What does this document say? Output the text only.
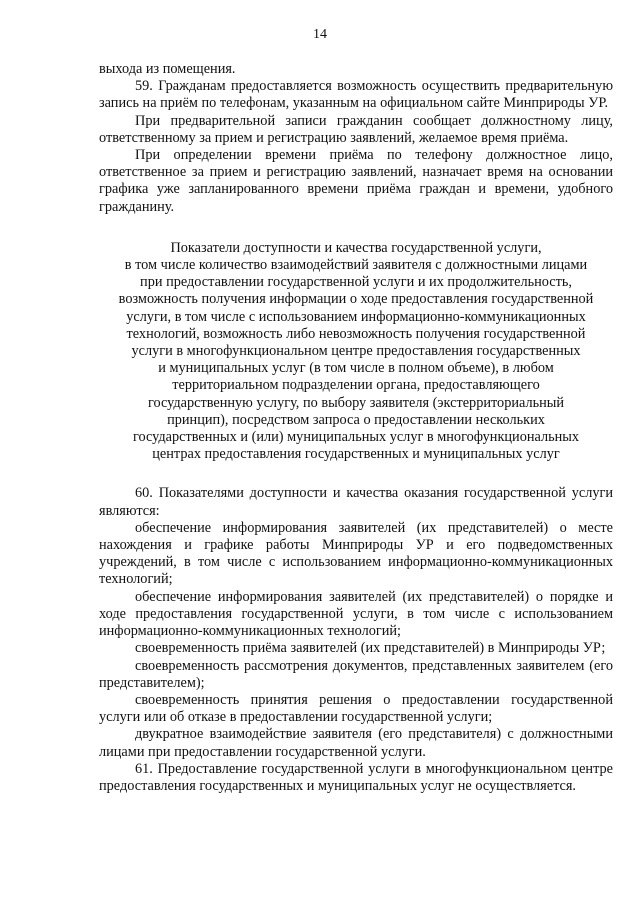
14

выхода из помещения.

59. Гражданам предоставляется возможность осуществить предварительную запись на приём по телефонам, указанным на официальном сайте Минприроды УР.

При предварительной записи гражданин сообщает должностному лицу, ответственному за прием и регистрацию заявлений, желаемое время приёма.

При определении времени приёма по телефону должностное лицо, ответственное за прием и регистрацию заявлений, назначает время на основании графика уже запланированного времени приёма граждан и времени, удобного гражданину.

Показатели доступности и качества государственной услуги,
в том числе количество взаимодействий заявителя с должностными лицами
при предоставлении государственной услуги и их продолжительность,
возможность получения информации о ходе предоставления государственной
услуги, в том числе с использованием информационно-коммуникационных
технологий, возможность либо невозможность получения государственной
услуги в многофункциональном центре предоставления государственных
и муниципальных услуг (в том числе в полном объеме), в любом
территориальном подразделении органа, предоставляющего
государственную услугу, по выбору заявителя (экстерриториальный
принцип), посредством запроса о предоставлении нескольких
государственных и (или) муниципальных услуг в многофункциональных
центрах предоставления государственных и муниципальных услуг

60. Показателями доступности и качества оказания государственной услуги являются:

обеспечение информирования заявителей (их представителей) о месте нахождения и графике работы Минприроды УР и его подведомственных учреждений, в том числе с использованием информационно-коммуникационных технологий;

обеспечение информирования заявителей (их представителей) о порядке и ходе предоставления государственной услуги, в том числе с использованием информационно-коммуникационных технологий;

своевременность приёма заявителей (их представителей) в Минприроды УР;

своевременность рассмотрения документов, представленных заявителем (его представителем);

своевременность принятия решения о предоставлении государственной услуги или об отказе в предоставлении государственной услуги;

двукратное взаимодействие заявителя (его представителя) с должностными лицами при предоставлении государственной услуги.

61. Предоставление государственной услуги в многофункциональном центре предоставления государственных и муниципальных услуг не осуществляется.
